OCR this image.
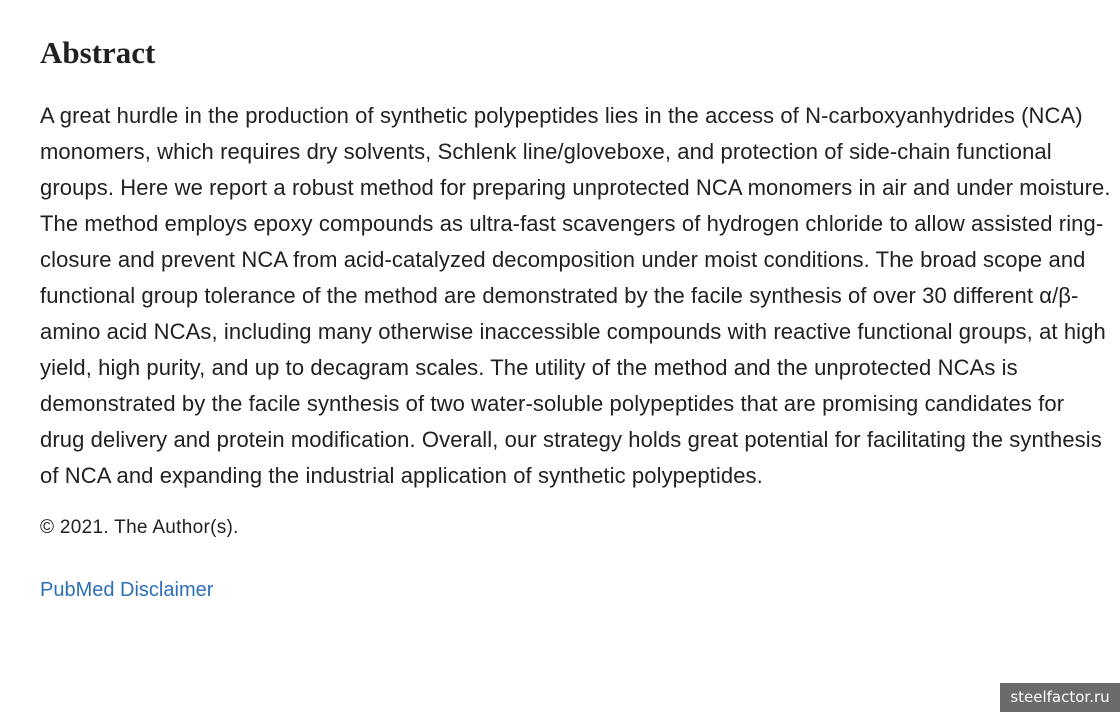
Abstract

A great hurdle in the production of synthetic polypeptides lies in the access of N-carboxyanhydrides (NCA) monomers, which requires dry solvents, Schlenk line/gloveboxe, and protection of side-chain functional groups. Here we report a robust method for preparing unprotected NCA monomers in air and under moisture. The method employs epoxy compounds as ultra-fast scavengers of hydrogen chloride to allow assisted ring-closure and prevent NCA from acid-catalyzed decomposition under moist conditions. The broad scope and functional group tolerance of the method are demonstrated by the facile synthesis of over 30 different α/β-amino acid NCAs, including many otherwise inaccessible compounds with reactive functional groups, at high yield, high purity, and up to decagram scales. The utility of the method and the unprotected NCAs is demonstrated by the facile synthesis of two water-soluble polypeptides that are promising candidates for drug delivery and protein modification. Overall, our strategy holds great potential for facilitating the synthesis of NCA and expanding the industrial application of synthetic polypeptides.

© 2021. The Author(s).

PubMed Disclaimer
steelfactor.ru
